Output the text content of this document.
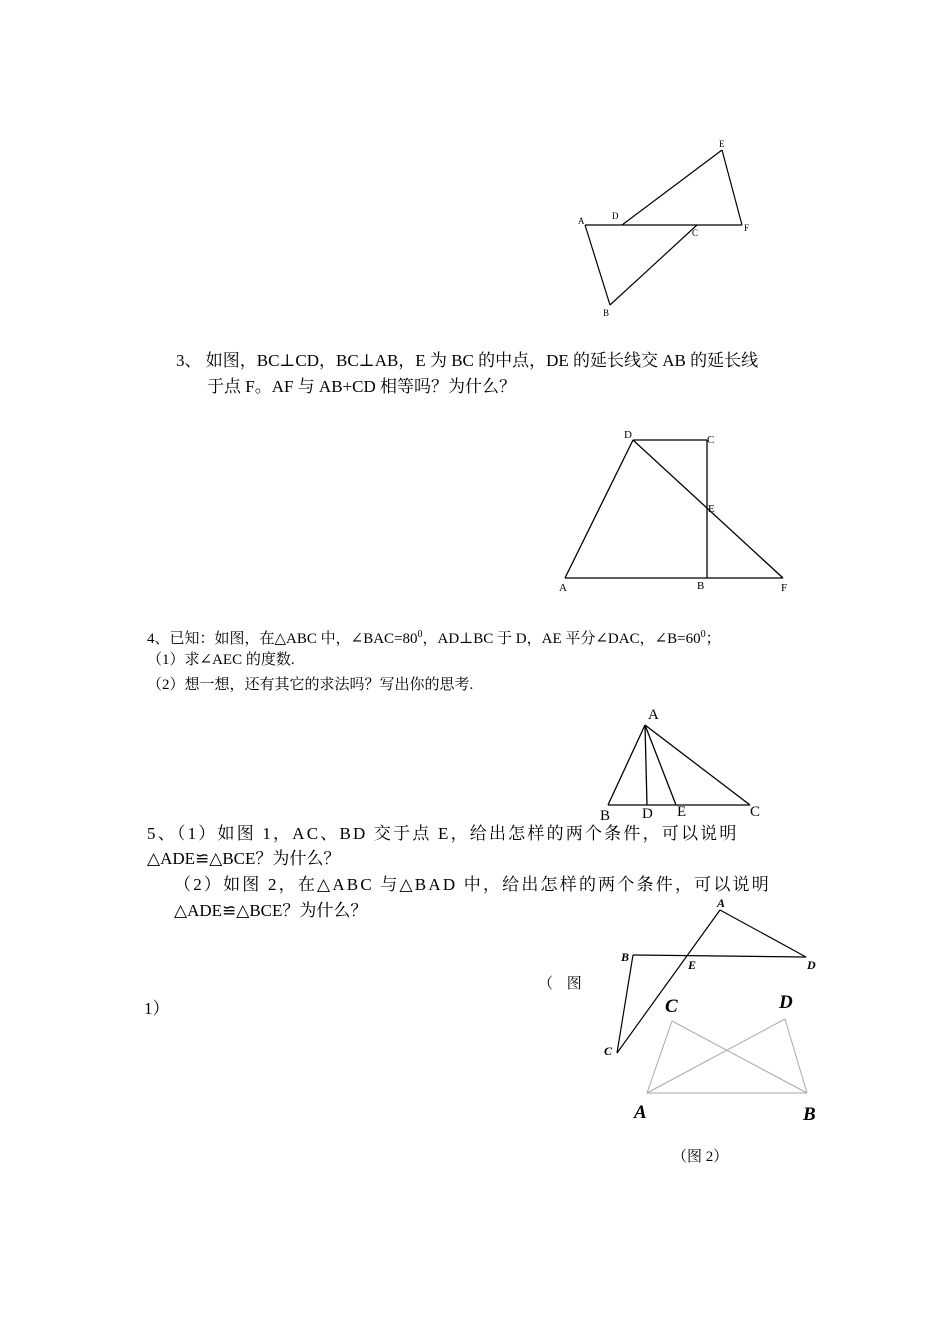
A
B
C
D
E
F
3、 如图，BC⊥CD，BC⊥AB，E 为 BC 的中点，DE 的延长线交 AB 的延长线
于点 F。AF 与 AB+CD 相等吗？为什么？
A	B
C
D
E
F
4、已知：如图，在△ABC 中，$\angle BAC=80^0$，AD⊥BC 于 D，AE 平分∠DAC，$\angle B=60^0$；
（1）求∠AEC 的度数.
（2）想一想，还有其它的求法吗？写出你的思考.
A
B D E	C
5、（1）如图 1，AC、BD 交于点 E，给出怎样的两个条件，可以说明
△ADE≌△BCE？为什么？
（2）如图 2，在△ABC 与△BAD 中，给出怎样的两个条件，可以说明
△ADE≌△BCE？为什么？
（ 图
1）
A
B
E	D
C
C	D
A	B
（图 2）
